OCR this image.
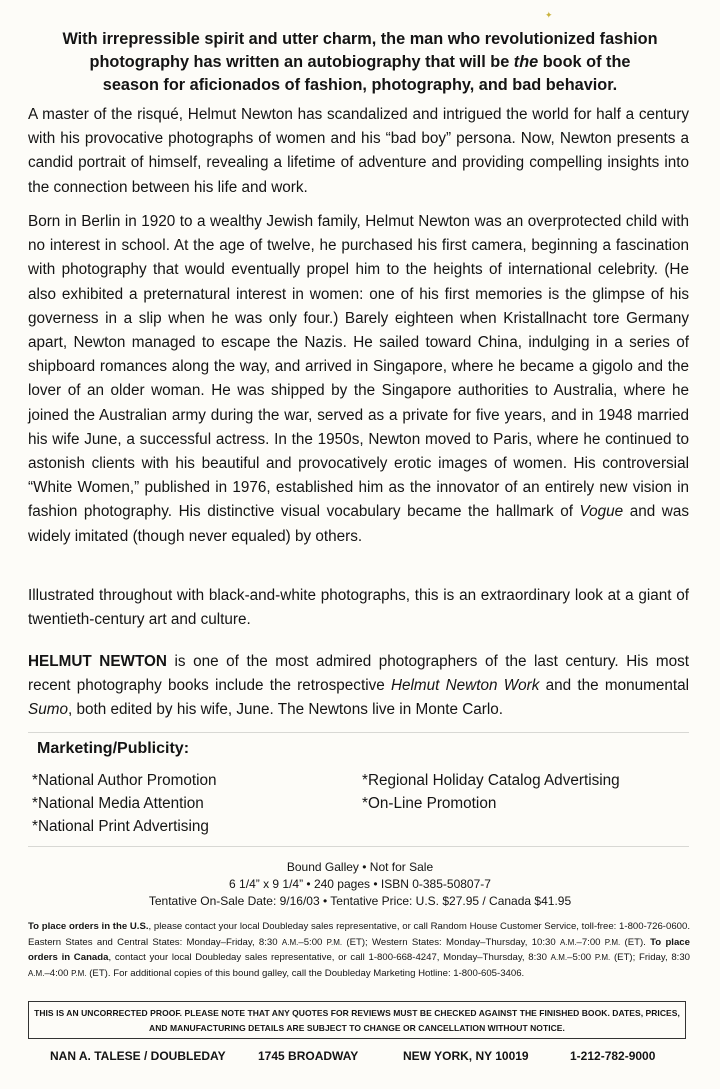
✦
With irrepressible spirit and utter charm, the man who revolutionized fashion photography has written an autobiography that will be the book of the season for aficionados of fashion, photography, and bad behavior.

A master of the risqué, Helmut Newton has scandalized and intrigued the world for half a century with his provocative photographs of women and his “bad boy” persona. Now, Newton presents a candid portrait of himself, revealing a lifetime of adventure and providing compelling insights into the connection between his life and work.

Born in Berlin in 1920 to a wealthy Jewish family, Helmut Newton was an overprotected child with no interest in school. At the age of twelve, he purchased his first camera, beginning a fascination with photography that would eventually propel him to the heights of international celebrity. (He also exhibited a preternatural interest in women: one of his first memories is the glimpse of his governess in a slip when he was only four.) Barely eighteen when Kristallnacht tore Germany apart, Newton managed to escape the Nazis. He sailed toward China, indulging in a series of shipboard romances along the way, and arrived in Singapore, where he became a gigolo and the lover of an older woman. He was shipped by the Singapore authorities to Australia, where he joined the Australian army during the war, served as a private for five years, and in 1948 married his wife June, a successful actress. In the 1950s, Newton moved to Paris, where he continued to astonish clients with his beautiful and provocatively erotic images of women. His controversial “White Women,” published in 1976, established him as the innovator of an entirely new vision in fashion photography. His distinctive visual vocabulary became the hallmark of Vogue and was widely imitated (though never equaled) by others.

Illustrated throughout with black-and-white photographs, this is an extraordinary look at a giant of twentieth-century art and culture.

HELMUT NEWTON is one of the most admired photographers of the last century. His most recent photography books include the retrospective Helmut Newton Work and the monumental Sumo, both edited by his wife, June. The Newtons live in Monte Carlo.

Marketing/Publicity:
*National Author Promotion
*National Media Attention
*National Print Advertising
*Regional Holiday Catalog Advertising
*On-Line Promotion
Bound Galley • Not for Sale
6 1/4” x 9 1/4” • 240 pages • ISBN 0-385-50807-7
Tentative On-Sale Date: 9/16/03 • Tentative Price: U.S. $27.95 / Canada $41.95
To place orders in the U.S., please contact your local Doubleday sales representative, or call Random House Customer Service, toll-free: 1-800-726-0600. Eastern States and Central States: Monday–Friday, 8:30 A.M.–5:00 P.M. (ET); Western States: Monday–Thursday, 10:30 A.M.–7:00 P.M. (ET). To place orders in Canada, contact your local Doubleday sales representative, or call 1-800-668-4247, Monday–Thursday, 8:30 A.M.–5:00 P.M. (ET); Friday, 8:30 A.M.–4:00 P.M. (ET). For additional copies of this bound galley, call the Doubleday Marketing Hotline: 1-800-605-3406.
THIS IS AN UNCORRECTED PROOF. PLEASE NOTE THAT ANY QUOTES FOR REVIEWS MUST BE CHECKED AGAINST THE FINISHED BOOK. DATES, PRICES, AND MANUFACTURING DETAILS ARE SUBJECT TO CHANGE OR CANCELLATION WITHOUT NOTICE.
NAN A. TALESE / DOUBLEDAY	1745 BROADWAY	NEW YORK, NY 10019	1-212-782-9000
